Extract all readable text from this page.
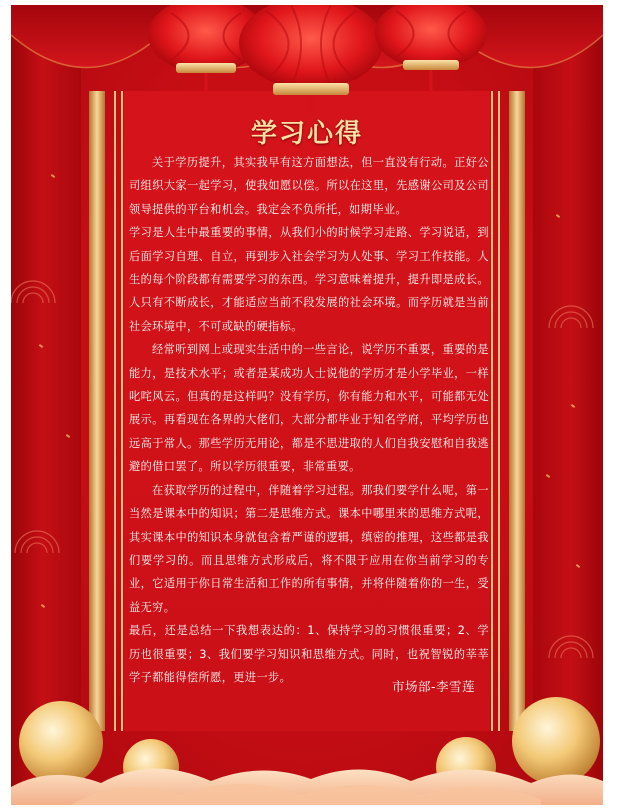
学习心得

关于学历提升，其实我早有这方面想法，但一直没有行动。正好公司组织大家一起学习，使我如愿以偿。所以在这里，先感谢公司及公司领导提供的平台和机会。我定会不负所托，如期毕业。

学习是人生中最重要的事情，从我们小的时候学习走路、学习说话，到后面学习自理、自立，再到步入社会学习为人处事、学习工作技能。人生的每个阶段都有需要学习的东西。学习意味着提升，提升即是成长。人只有不断成长，才能适应当前不段发展的社会环境。而学历就是当前社会环境中，不可或缺的硬指标。

经常听到网上或现实生活中的一些言论，说学历不重要，重要的是能力，是技术水平；或者是某成功人士说他的学历才是小学毕业，一样叱咤风云。但真的是这样吗？没有学历，你有能力和水平，可能都无处展示。再看现在各界的大佬们，大部分都毕业于知名学府，平均学历也远高于常人。那些学历无用论，都是不思进取的人们自我安慰和自我逃避的借口罢了。所以学历很重要，非常重要。

在获取学历的过程中，伴随着学习过程。那我们要学什么呢，第一当然是课本中的知识；第二是思维方式。课本中哪里来的思维方式呢，其实课本中的知识本身就包含着严谨的逻辑，缜密的推理，这些都是我们要学习的。而且思维方式形成后，将不限于应用在你当前学习的专业，它适用于你日常生活和工作的所有事情，并将伴随着你的一生，受益无穷。

最后，还是总结一下我想表达的：1、保持学习的习惯很重要；2、学历也很重要；3、我们要学习知识和思维方式。同时，也祝智锐的莘莘学子都能得偿所愿，更进一步。

市场部-李雪莲
